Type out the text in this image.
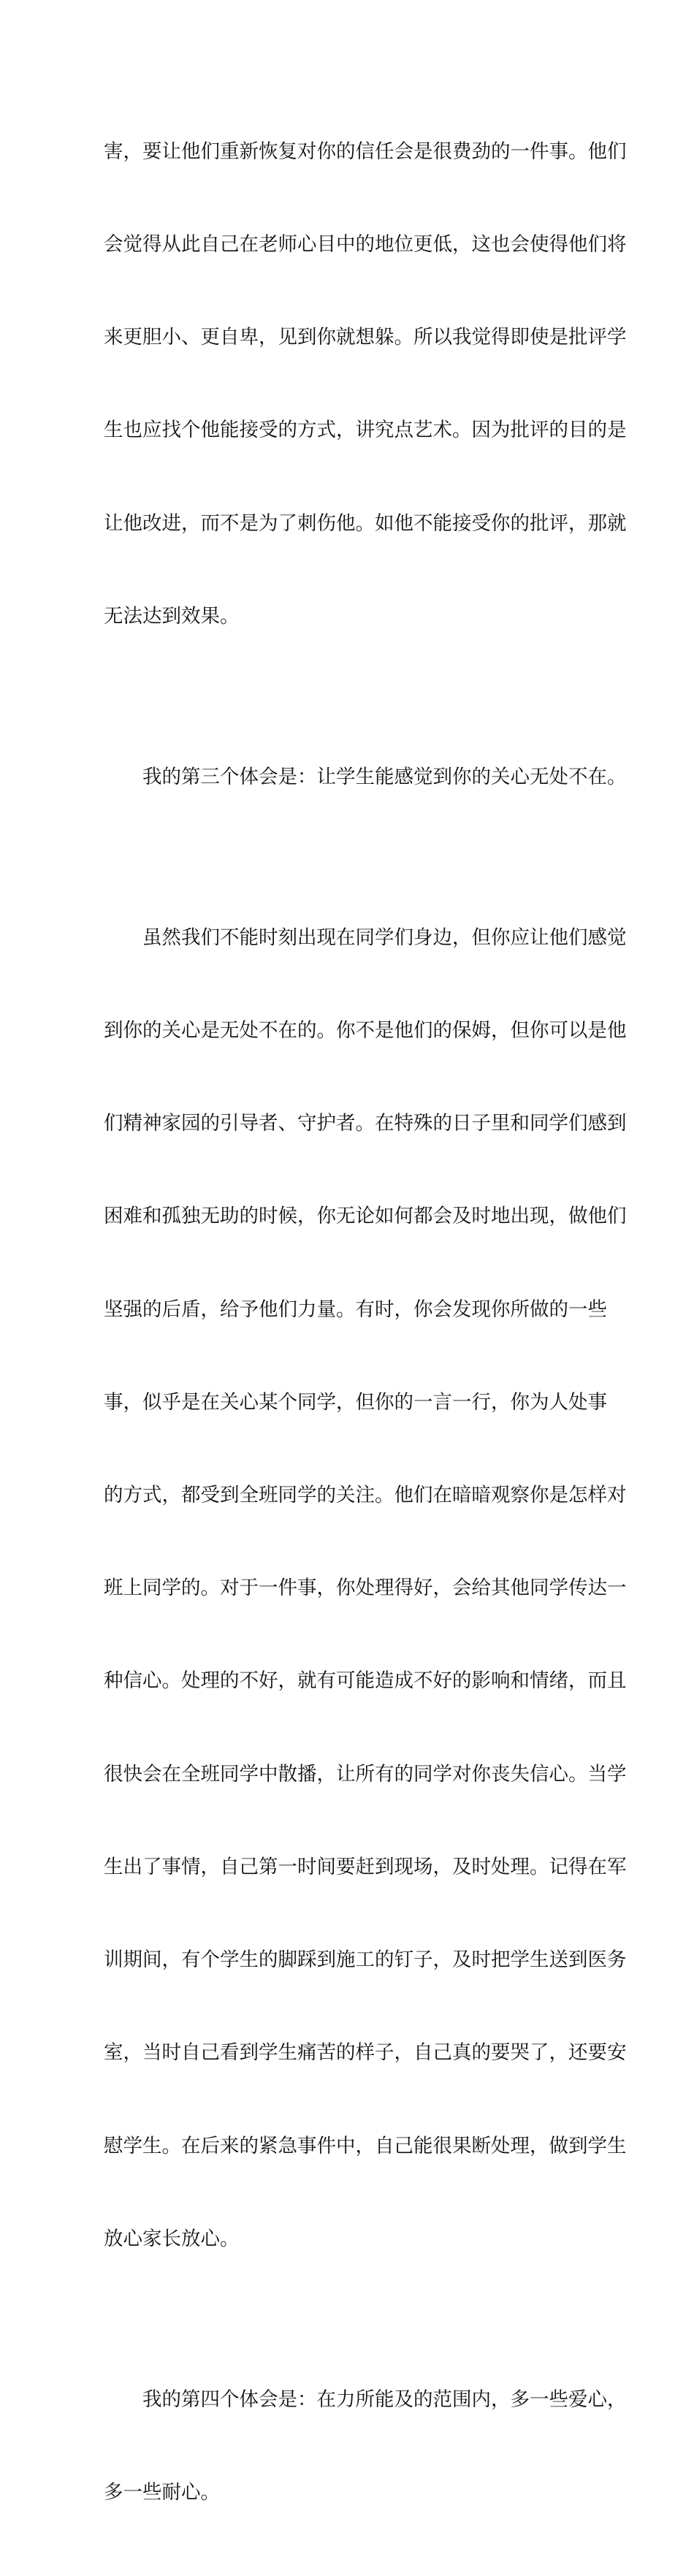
害，要让他们重新恢复对你的信任会是很费劲的一件事。他们

会觉得从此自己在老师心目中的地位更低，这也会使得他们将

来更胆小、更自卑，见到你就想躲。所以我觉得即使是批评学

生也应找个他能接受的方式，讲究点艺术。因为批评的目的是

让他改进，而不是为了刺伤他。如他不能接受你的批评，那就

无法达到效果。

我的第三个体会是：让学生能感觉到你的关心无处不在。

虽然我们不能时刻出现在同学们身边，但你应让他们感觉

到你的关心是无处不在的。你不是他们的保姆，但你可以是他

们精神家园的引导者、守护者。在特殊的日子里和同学们感到

困难和孤独无助的时候，你无论如何都会及时地出现，做他们

坚强的后盾，给予他们力量。有时，你会发现你所做的一些

事，似乎是在关心某个同学，但你的一言一行，你为人处事

的方式，都受到全班同学的关注。他们在暗暗观察你是怎样对

班上同学的。对于一件事，你处理得好，会给其他同学传达一

种信心。处理的不好，就有可能造成不好的影响和情绪，而且

很快会在全班同学中散播，让所有的同学对你丧失信心。当学

生出了事情，自己第一时间要赶到现场，及时处理。记得在军

训期间，有个学生的脚踩到施工的钉子，及时把学生送到医务

室，当时自己看到学生痛苦的样子，自己真的要哭了，还要安

慰学生。在后来的紧急事件中，自己能很果断处理，做到学生

放心家长放心。

我的第四个体会是：在力所能及的范围内，多一些爱心，

多一些耐心。
